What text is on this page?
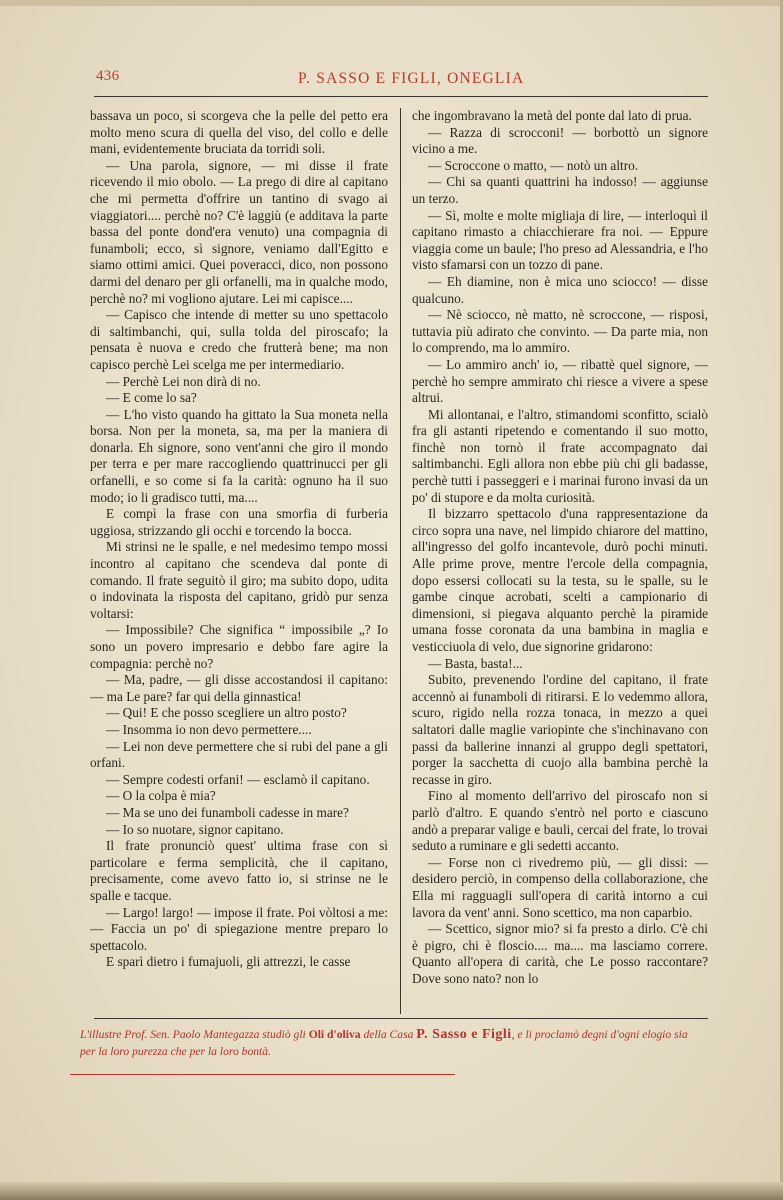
436	P. SASSO E FIGLI, ONEGLIA

bassava un poco, si scorgeva che la pelle del petto era molto meno scura di quella del viso, del collo e delle mani, evidentemente bruciata da torridi soli.

— Una parola, signore, — mi disse il frate ricevendo il mio obolo. — La prego di dire al capitano che mi permetta d'offrire un tantino di svago ai viaggiatori.... perchè no? C'è laggiù (e additava la parte bassa del ponte dond'era venuto) una compagnia di funamboli; ecco, sì signore, veniamo dall'Egitto e siamo ottimi amici. Quei poveracci, dico, non possono darmi del denaro per gli orfanelli, ma in qualche modo, perchè no? mi vogliono ajutare. Lei mi capisce....

— Capisco che intende di metter su uno spettacolo di saltimbanchi, qui, sulla tolda del piroscafo; la pensata è nuova e credo che frutterà bene; ma non capisco perchè Lei scelga me per intermediario.

— Perchè Lei non dirà di no.

— E come lo sa?

— L'ho visto quando ha gittato la Sua moneta nella borsa. Non per la moneta, sa, ma per la maniera di donarla. Eh signore, sono vent'anni che giro il mondo per terra e per mare raccogliendo quattrinucci per gli orfanelli, e so come si fa la carità: ognuno ha il suo modo; io li gradisco tutti, ma....

E compì la frase con una smorfia di furberia uggiosa, strizzando gli occhi e torcendo la bocca.

Mi strinsi ne le spalle, e nel medesimo tempo mossi incontro al capitano che scendeva dal ponte di comando. Il frate seguitò il giro; ma subito dopo, udita o indovinata la risposta del capitano, gridò pur senza voltarsi:

— Impossibile? Che significa “ impossibile „? Io sono un povero impresario e debbo fare agire la compagnia: perchè no?

— Ma, padre, — gli disse accostandosi il capitano: — ma Le pare? far qui della ginnastica!

— Qui! E che posso scegliere un altro posto?

— Insomma io non devo permettere....

— Lei non deve permettere che si rubi del pane a gli orfani.

— Sempre codesti orfani! — esclamò il capitano.

— O la colpa è mia?

— Ma se uno dei funamboli cadesse in mare?

— Io so nuotare, signor capitano.

Il frate pronunciò quest' ultima frase con sì particolare e ferma semplicità, che il capitano, precisamente, come avevo fatto io, si strinse ne le spalle e tacque.

— Largo! largo! — impose il frate. Poi vòltosi a me: — Faccia un po' di spiegazione mentre preparo lo spettacolo.

E sparì dietro i fumajuoli, gli attrezzi, le casse

che ingombravano la metà del ponte dal lato di prua.

— Razza di scrocconi! — borbottò un signore vicino a me.

— Scroccone o matto, — notò un altro.

— Chi sa quanti quattrini ha indosso! — aggiunse un terzo.

— Sì, molte e molte migliaja di lire, — interloquì il capitano rimasto a chiacchierare fra noi. — Eppure viaggia come un baule; l'ho preso ad Alessandria, e l'ho visto sfamarsi con un tozzo di pane.

— Eh diamine, non è mica uno sciocco! — disse qualcuno.

— Nè sciocco, nè matto, nè scroccone, — risposi, tuttavia più adirato che convinto. — Da parte mia, non lo comprendo, ma lo ammiro.

— Lo ammiro anch' io, — ribattè quel signore, — perchè ho sempre ammirato chi riesce a vivere a spese altrui.

Mi allontanai, e l'altro, stimandomi sconfitto, scialò fra gli astanti ripetendo e comentando il suo motto, finchè non tornò il frate accompagnato dai saltimbanchi. Egli allora non ebbe più chi gli badasse, perchè tutti i passeggeri e i marinai furono invasi da un po' di stupore e da molta curiosità.

Il bizzarro spettacolo d'una rappresentazione da circo sopra una nave, nel limpido chiarore del mattino, all'ingresso del golfo incantevole, durò pochi minuti. Alle prime prove, mentre l'ercole della compagnia, dopo essersi collocati su la testa, su le spalle, su le gambe cinque acrobati, scelti a campionario di dimensioni, si piegava alquanto perchè la piramide umana fosse coronata da una bambina in maglia e vesticciuola di velo, due signorine gridarono:

— Basta, basta!...

Subito, prevenendo l'ordine del capitano, il frate accennò ai funamboli di ritirarsi. E lo vedemmo allora, scuro, rigido nella rozza tonaca, in mezzo a quei saltatori dalle maglie variopinte che s'inchinavano con passi da ballerine innanzi al gruppo degli spettatori, porger la sacchetta di cuojo alla bambina perchè la recasse in giro.

Fino al momento dell'arrivo del piroscafo non si parlò d'altro. E quando s'entrò nel porto e ciascuno andò a preparar valige e bauli, cercai del frate, lo trovai seduto a ruminare e gli sedetti accanto.

— Forse non ci rivedremo più, — gli dissi: — desidero perciò, in compenso della collaborazione, che Ella mi ragguagli sull'opera di carità intorno a cui lavora da vent' anni. Sono scettico, ma non caparbio.

— Scettico, signor mio? si fa presto a dirlo. C'è chi è pigro, chi è floscio.... ma.... ma lasciamo correre. Quanto all'opera di carità, che Le posso raccontare? Dove sono nato? non lo

L'illustre Prof. Sen. Paolo Mantegazza studiò gli Oli d'oliva della Casa P. Sasso e Figli, e li proclamò degni d'ogni elogio sia per la loro purezza che per la loro bontà.
